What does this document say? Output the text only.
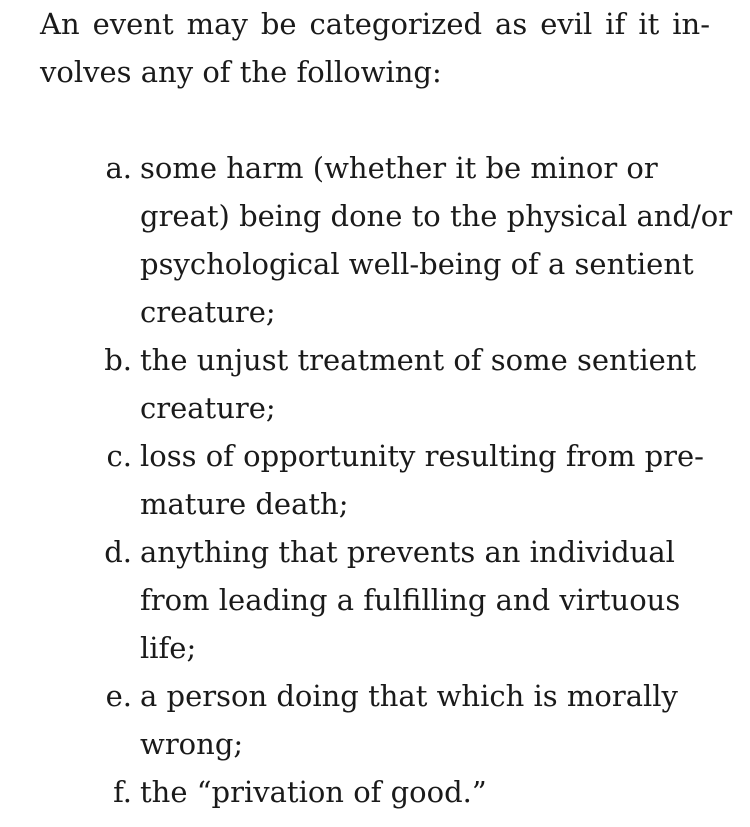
An event may be categorized as evil if it in-
volves any of the following:

a. some harm (whether it be minor or
great) being done to the physical and/or
psychological well-being of a sentient
creature;
b. the unjust treatment of some sentient
creature;
c. loss of opportunity resulting from pre-
mature death;
d. anything that prevents an individual
from leading a fulfilling and virtuous
life;
e. a person doing that which is morally
wrong;
f. the “privation of good.”
